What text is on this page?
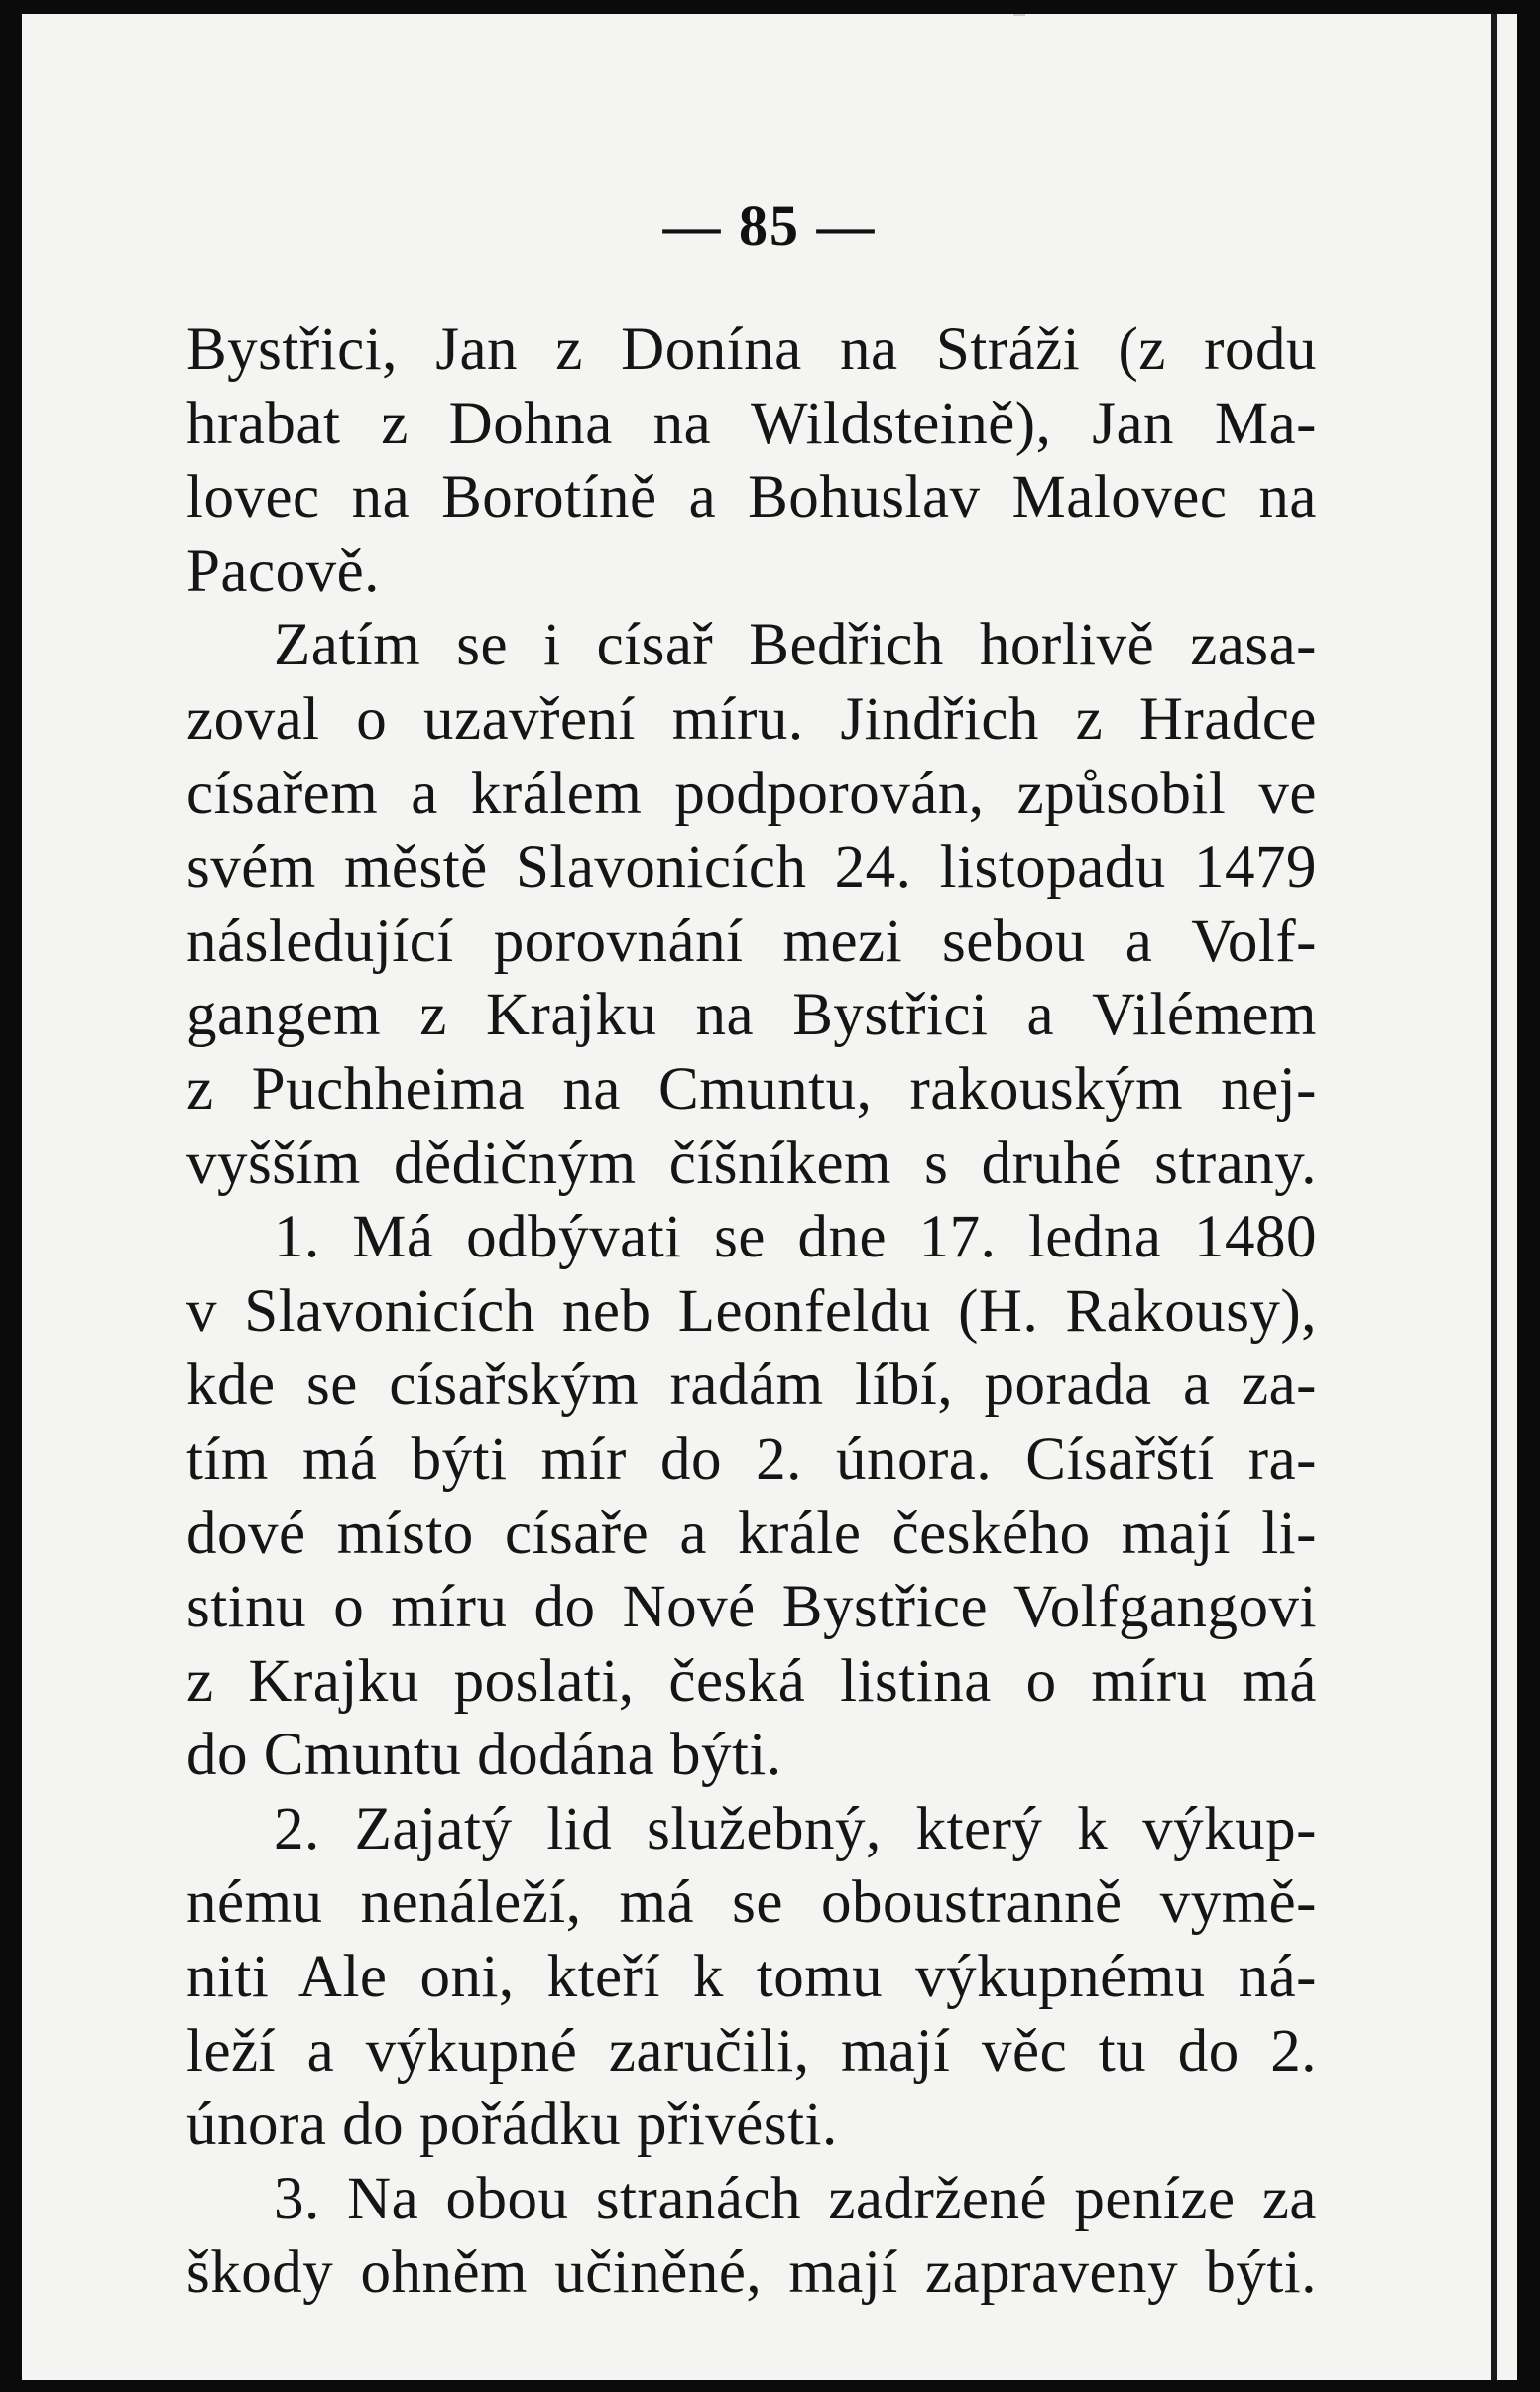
— 85 —
Bystřici, Jan z Donína na Stráži (z rodu
hrabat z Dohna na Wildsteině), Jan Ma-
lovec na Borotíně a Bohuslav Malovec na
Pacově.
Zatím se i císař Bedřich horlivě zasa-
zoval o uzavření míru. Jindřich z Hradce
císařem a králem podporován, způsobil ve
svém městě Slavonicích 24. listopadu 1479
následující porovnání mezi sebou a Volf-
gangem z Krajku na Bystřici a Vilémem
z Puchheima na Cmuntu, rakouským nej-
vyšším dědičným číšníkem s druhé strany.
1. Má odbývati se dne 17. ledna 1480
v Slavonicích neb Leonfeldu (H. Rakousy),
kde se císařským radám líbí, porada a za-
tím má býti mír do 2. února. Císařští ra-
dové místo císaře a krále českého mají li-
stinu o míru do Nové Bystřice Volfgangovi
z Krajku poslati, česká listina o míru má
do Cmuntu dodána býti.
2. Zajatý lid služebný, který k výkup-
nému nenáleží, má se oboustranně vymě-
niti Ale oni, kteří k tomu výkupnému ná-
leží a výkupné zaručili, mají věc tu do 2.
února do pořádku přivésti.
3. Na obou stranách zadržené peníze za
škody ohněm učiněné, mají zapraveny býti.
